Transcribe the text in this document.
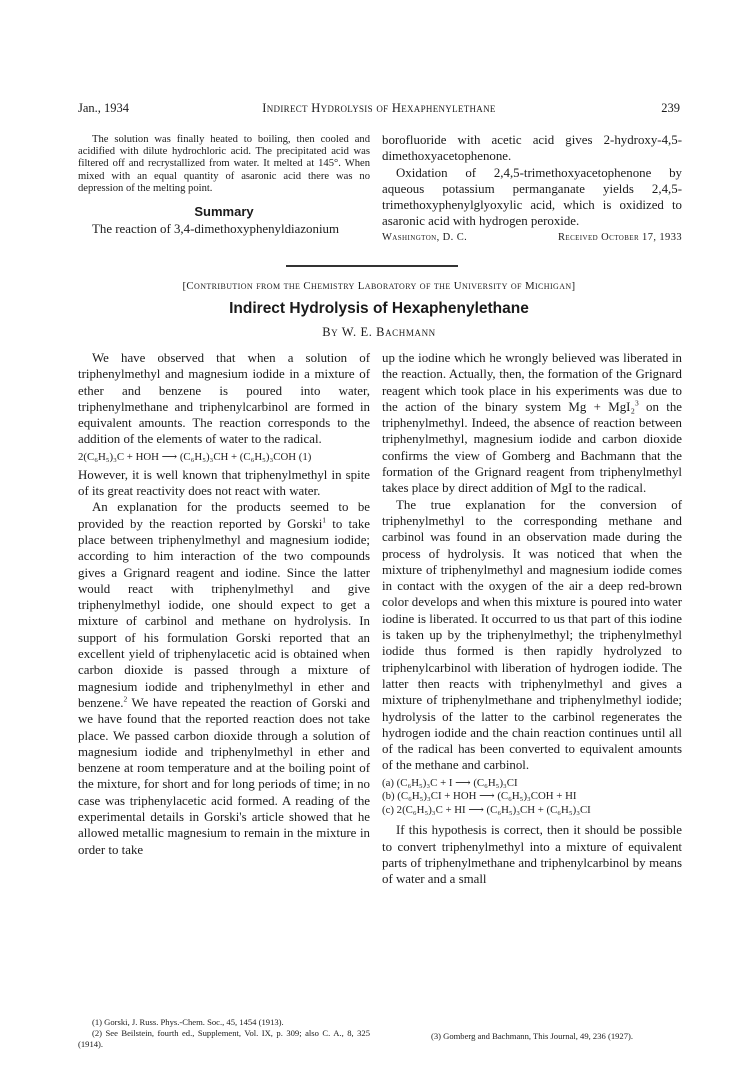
Jan., 1934	Indirect Hydrolysis of Hexaphenylethane	239

The solution was finally heated to boiling, then cooled and acidified with dilute hydrochloric acid. The precipitated acid was filtered off and recrystallized from water. It melted at 145°. When mixed with an equal quantity of asaronic acid there was no depression of the melting point.

Summary

The reaction of 3,4-dimethoxyphenyldiazonium

borofluoride with acetic acid gives 2-hydroxy-4,5-dimethoxyacetophenone.

Oxidation of 2,4,5-trimethoxyacetophenone by aqueous potassium permanganate yields 2,4,5-trimethoxyphenylglyoxylic acid, which is oxidized to asaronic acid with hydrogen peroxide.

Washington, D. C.	Received October 17, 1933

[Contribution from the Chemistry Laboratory of the University of Michigan]
Indirect Hydrolysis of Hexaphenylethane
By W. E. Bachmann

We have observed that when a solution of triphenylmethyl and magnesium iodide in a mixture of ether and benzene is poured into water, triphenylmethane and triphenylcarbinol are formed in equivalent amounts. The reaction corresponds to the addition of the elements of water to the radical.

2(C₆H₅)₃C + HOH ⟶ (C₆H₅)₃CH + (C₆H₅)₃COH (1)

However, it is well known that triphenylmethyl in spite of its great reactivity does not react with water.

An explanation for the products seemed to be provided by the reaction reported by Gorski$^1$ to take place between triphenylmethyl and magnesium iodide; according to him interaction of the two compounds gives a Grignard reagent and iodine. Since the latter would react with triphenylmethyl and give triphenylmethyl iodide, one should expect to get a mixture of carbinol and methane on hydrolysis. In support of his formulation Gorski reported that an excellent yield of triphenylacetic acid is obtained when carbon dioxide is passed through a mixture of magnesium iodide and triphenylmethyl in ether and benzene.$^2$ We have repeated the reaction of Gorski and we have found that the reported reaction does not take place. We passed carbon dioxide through a solution of magnesium iodide and triphenylmethyl in ether and benzene at room temperature and at the boiling point of the mixture, for short and for long periods of time; in no case was triphenylacetic acid formed. A reading of the experimental details in Gorski's article showed that he allowed metallic magnesium to remain in the mixture in order to take

up the iodine which he wrongly believed was liberated in the reaction. Actually, then, the formation of the Grignard reagent which took place in his experiments was due to the action of the binary system Mg + MgI₂$^3$ on the triphenylmethyl. Indeed, the absence of reaction between triphenylmethyl, magnesium iodide and carbon dioxide confirms the view of Gomberg and Bachmann that the formation of the Grignard reagent from triphenylmethyl takes place by direct addition of MgI to the radical.

The true explanation for the conversion of triphenylmethyl to the corresponding methane and carbinol was found in an observation made during the process of hydrolysis. It was noticed that when the mixture of triphenylmethyl and magnesium iodide comes in contact with the oxygen of the air a deep red-brown color develops and when this mixture is poured into water iodine is liberated. It occurred to us that part of this iodine is taken up by the triphenylmethyl; the triphenylmethyl iodide thus formed is then rapidly hydrolyzed to triphenylcarbinol with liberation of hydrogen iodide. The latter then reacts with triphenylmethyl and gives a mixture of triphenylmethane and triphenylmethyl iodide; hydrolysis of the latter to the carbinol regenerates the hydrogen iodide and the chain reaction continues until all of the radical has been converted to equivalent amounts of the methane and carbinol.

(a) (C₆H₅)₃C + I ⟶ (C₆H₅)₃CI
(b) (C₆H₅)₃CI + HOH ⟶ (C₆H₅)₃COH + HI
(c) 2(C₆H₅)₃C + HI ⟶ (C₆H₅)₃CH + (C₆H₅)₃CI

If this hypothesis is correct, then it should be possible to convert triphenylmethyl into a mixture of equivalent parts of triphenylmethane and triphenylcarbinol by means of water and a small

(1) Gorski, J. Russ. Phys.-Chem. Soc., 45, 1454 (1913).

(2) See Beilstein, fourth ed., Supplement, Vol. IX, p. 309; also C. A., 8, 325 (1914).

(3) Gomberg and Bachmann, This Journal, 49, 236 (1927).
